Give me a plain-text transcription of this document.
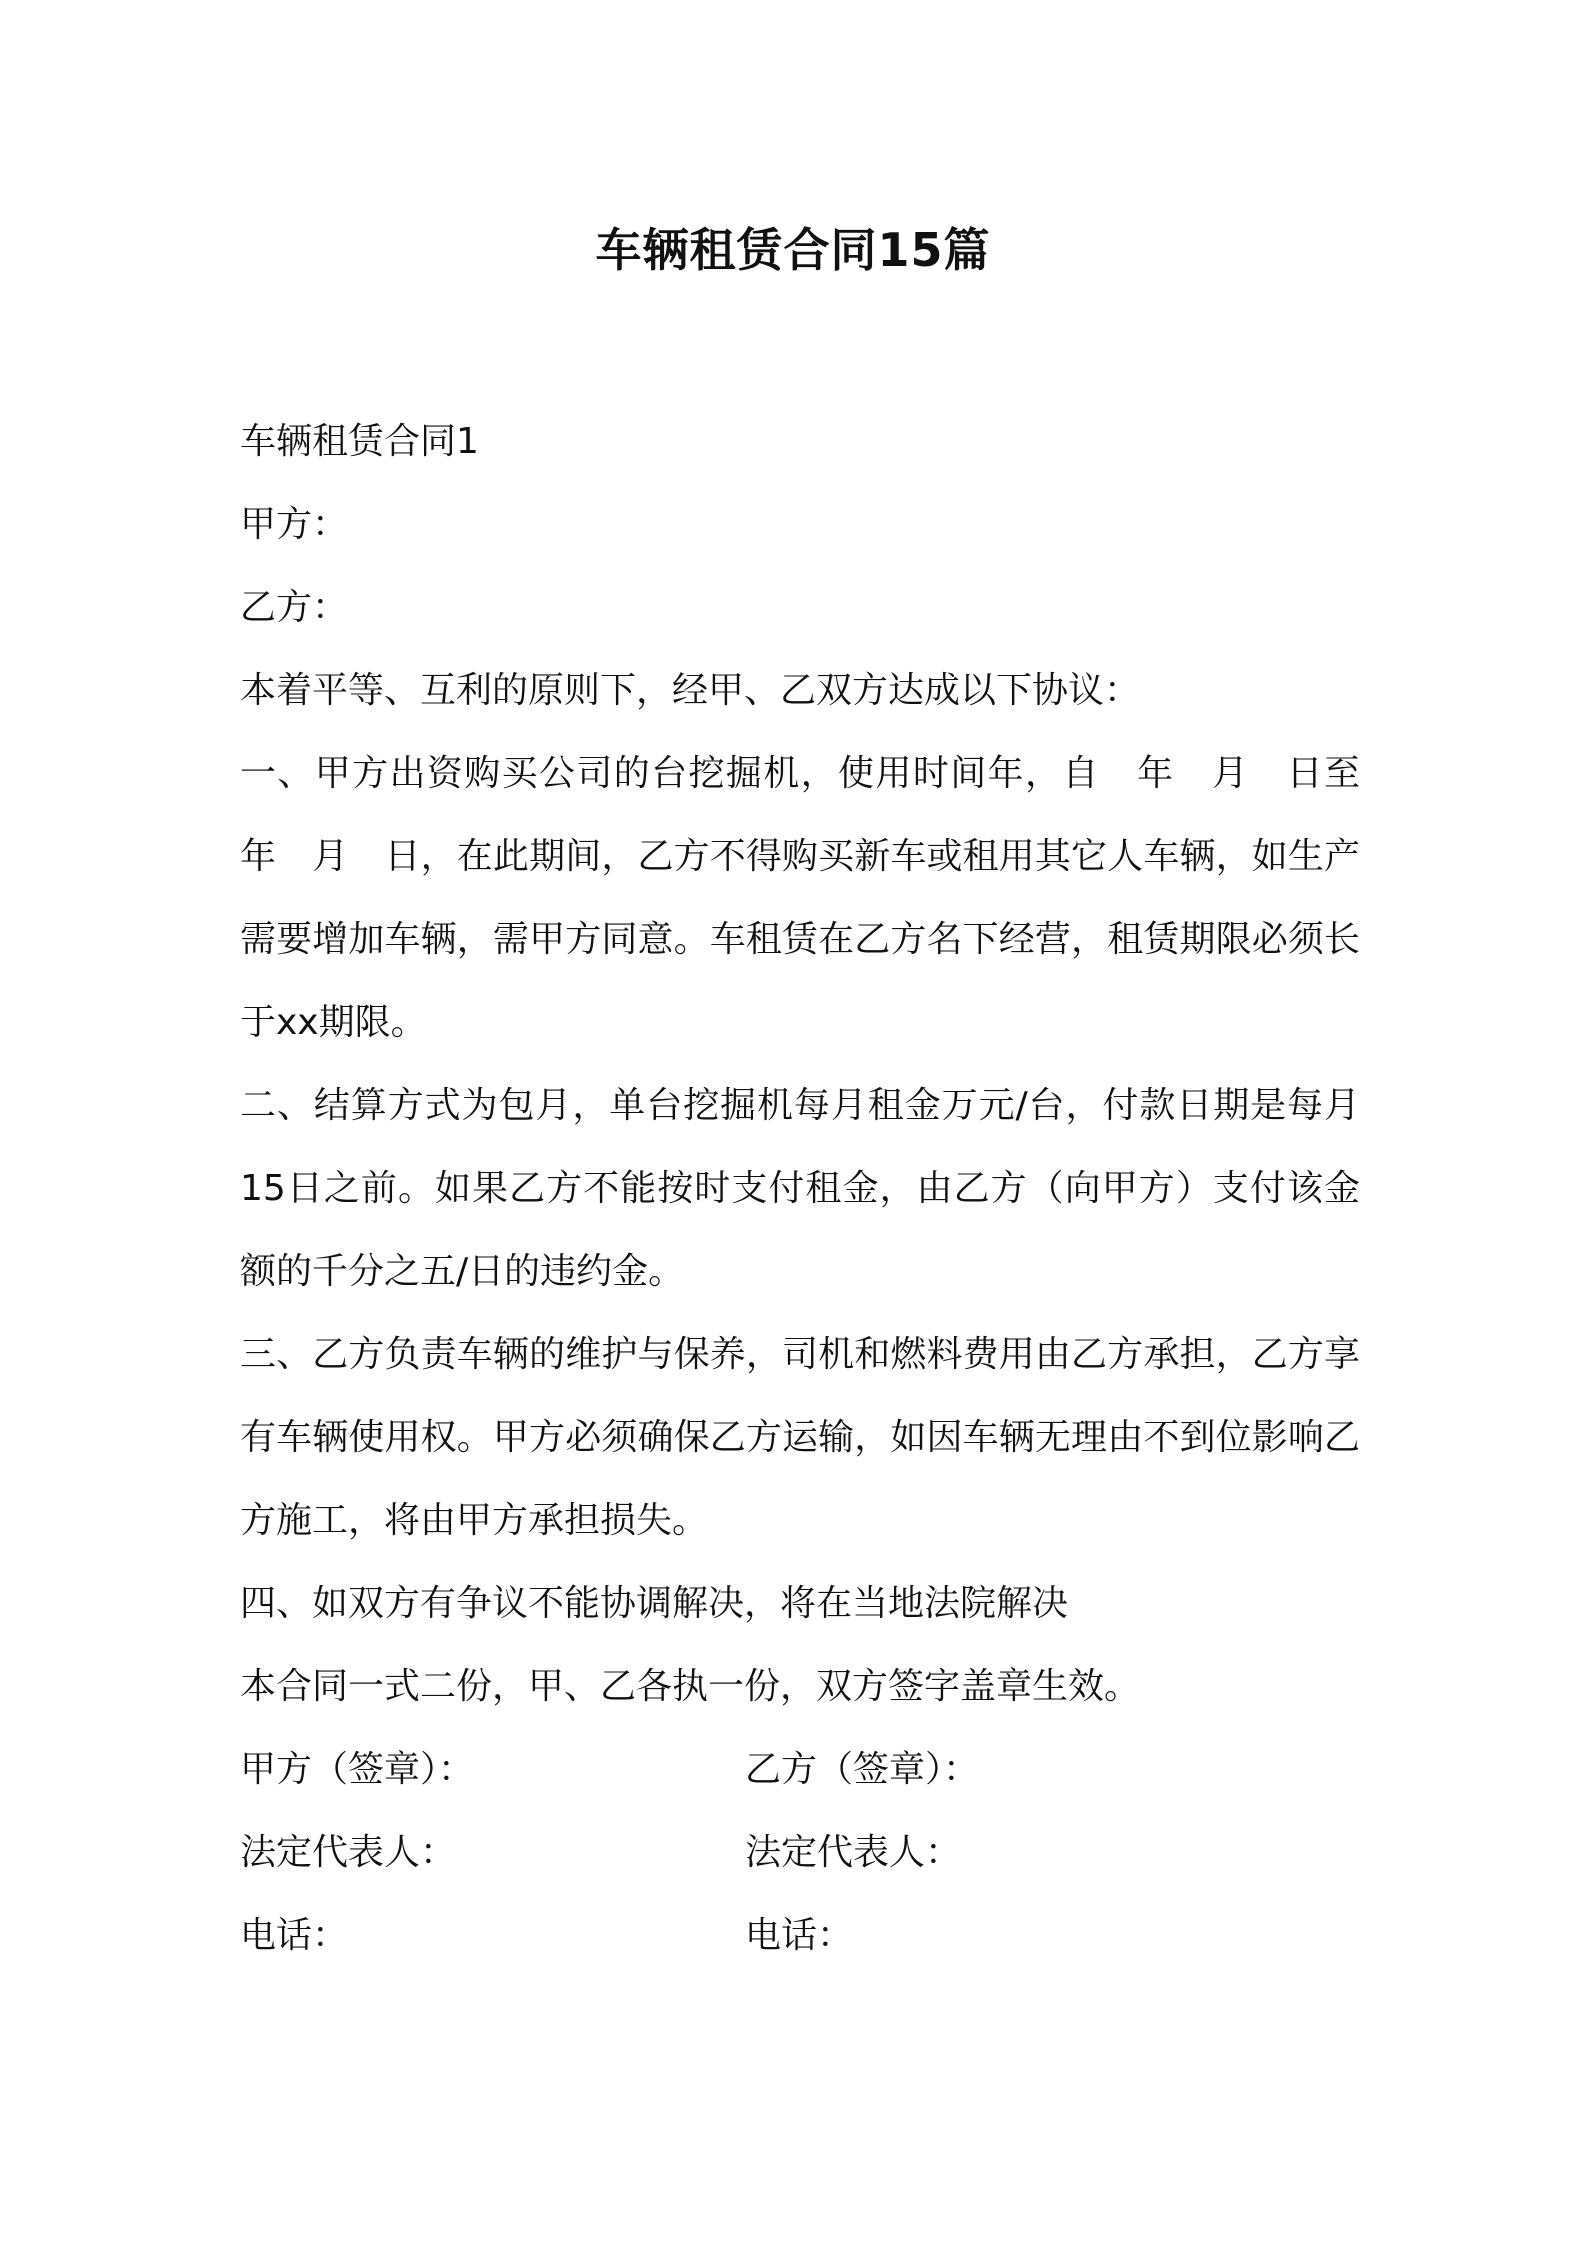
车辆租赁合同15篇
车辆租赁合同1
甲方：
乙方：
本着平等、互利的原则下，经甲、乙双方达成以下协议：
一、甲方出资购买公司的台挖掘机，使用时间年，自　年　月　日至　年　月　日，在此期间，乙方不得购买新车或租用其它人车辆，如生产需要增加车辆，需甲方同意。车租赁在乙方名下经营，租赁期限必须长于xx期限。
二、结算方式为包月，单台挖掘机每月租金万元/台，付款日期是每月15日之前。如果乙方不能按时支付租金，由乙方（向甲方）支付该金额的千分之五/日的违约金。
三、乙方负责车辆的维护与保养，司机和燃料费用由乙方承担，乙方享有车辆使用权。甲方必须确保乙方运输，如因车辆无理由不到位影响乙方施工，将由甲方承担损失。
四、如双方有争议不能协调解决，将在当地法院解决
本合同一式二份，甲、乙各执一份，双方签字盖章生效。
甲方（签章）：	乙方（签章）：
法定代表人：	法定代表人：
电话：	电话：
